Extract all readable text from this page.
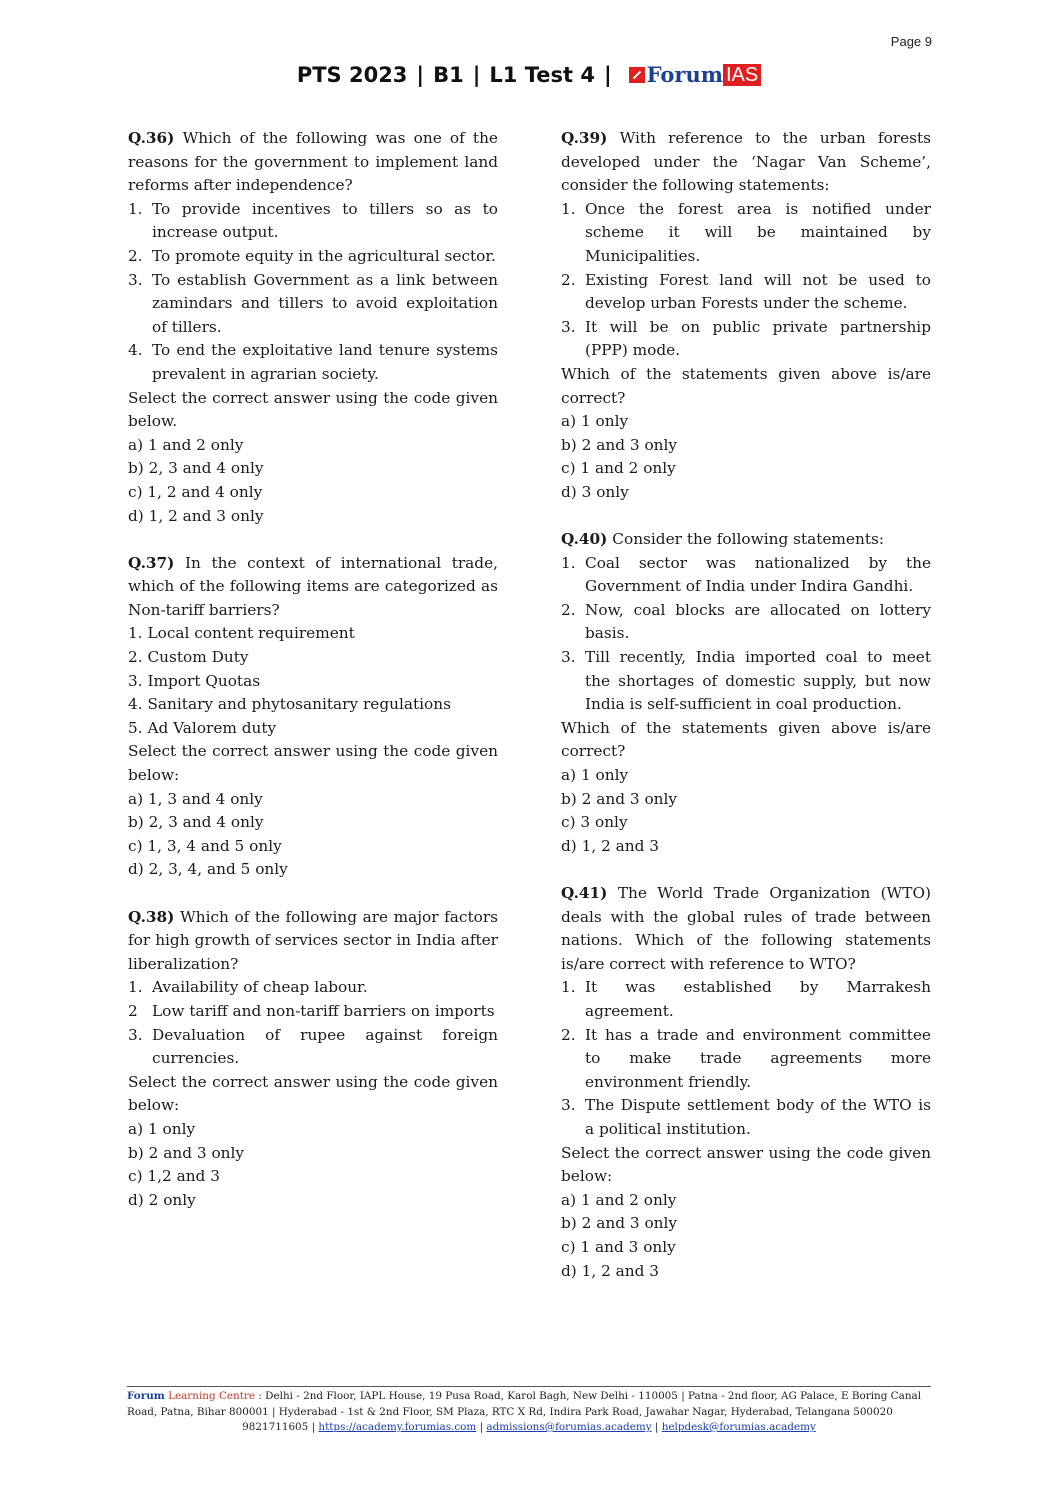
Page 9
PTS 2023 | B1 | L1 Test 4 | Forum IAS
Q.36) Which of the following was one of the reasons for the government to implement land reforms after independence?
1. To provide incentives to tillers so as to increase output.
2. To promote equity in the agricultural sector.
3. To establish Government as a link between zamindars and tillers to avoid exploitation of tillers.
4. To end the exploitative land tenure systems prevalent in agrarian society.
Select the correct answer using the code given below.
a) 1 and 2 only
b) 2, 3 and 4 only
c) 1, 2 and 4 only
d) 1, 2 and 3 only
Q.37) In the context of international trade, which of the following items are categorized as Non-tariff barriers?
1. Local content requirement
2. Custom Duty
3. Import Quotas
4. Sanitary and phytosanitary regulations
5. Ad Valorem duty
Select the correct answer using the code given below:
a) 1, 3 and 4 only
b) 2, 3 and 4 only
c) 1, 3, 4 and 5 only
d) 2, 3, 4, and 5 only
Q.38) Which of the following are major factors for high growth of services sector in India after liberalization?
1. Availability of cheap labour.
2 Low tariff and non-tariff barriers on imports
3. Devaluation of rupee against foreign currencies.
Select the correct answer using the code given below:
a) 1 only
b) 2 and 3 only
c) 1,2 and 3
d) 2 only
Q.39) With reference to the urban forests developed under the ‘Nagar Van Scheme’, consider the following statements:
1. Once the forest area is notified under scheme it will be maintained by Municipalities.
2. Existing Forest land will not be used to develop urban Forests under the scheme.
3. It will be on public private partnership (PPP) mode.
Which of the statements given above is/are correct?
a) 1 only
b) 2 and 3 only
c) 1 and 2 only
d) 3 only
Q.40) Consider the following statements:
1. Coal sector was nationalized by the Government of India under Indira Gandhi.
2. Now, coal blocks are allocated on lottery basis.
3. Till recently, India imported coal to meet the shortages of domestic supply, but now India is self-sufficient in coal production.
Which of the statements given above is/are correct?
a) 1 only
b) 2 and 3 only
c) 3 only
d) 1, 2 and 3
Q.41) The World Trade Organization (WTO) deals with the global rules of trade between nations. Which of the following statements is/are correct with reference to WTO?
1. It was established by Marrakesh agreement.
2. It has a trade and environment committee to make trade agreements more environment friendly.
3. The Dispute settlement body of the WTO is a political institution.
Select the correct answer using the code given below:
a) 1 and 2 only
b) 2 and 3 only
c) 1 and 3 only
d) 1, 2 and 3
Forum Learning Centre : Delhi - 2nd Floor, IAPL House, 19 Pusa Road, Karol Bagh, New Delhi - 110005 | Patna - 2nd floor, AG Palace, E Boring Canal Road, Patna, Bihar 800001 | Hyderabad - 1st & 2nd Floor, SM Plaza, RTC X Rd, Indira Park Road, Jawahar Nagar, Hyderabad, Telangana 500020
9821711605 | https://academy.forumias.com | admissions@forumias.academy | helpdesk@forumias.academy
